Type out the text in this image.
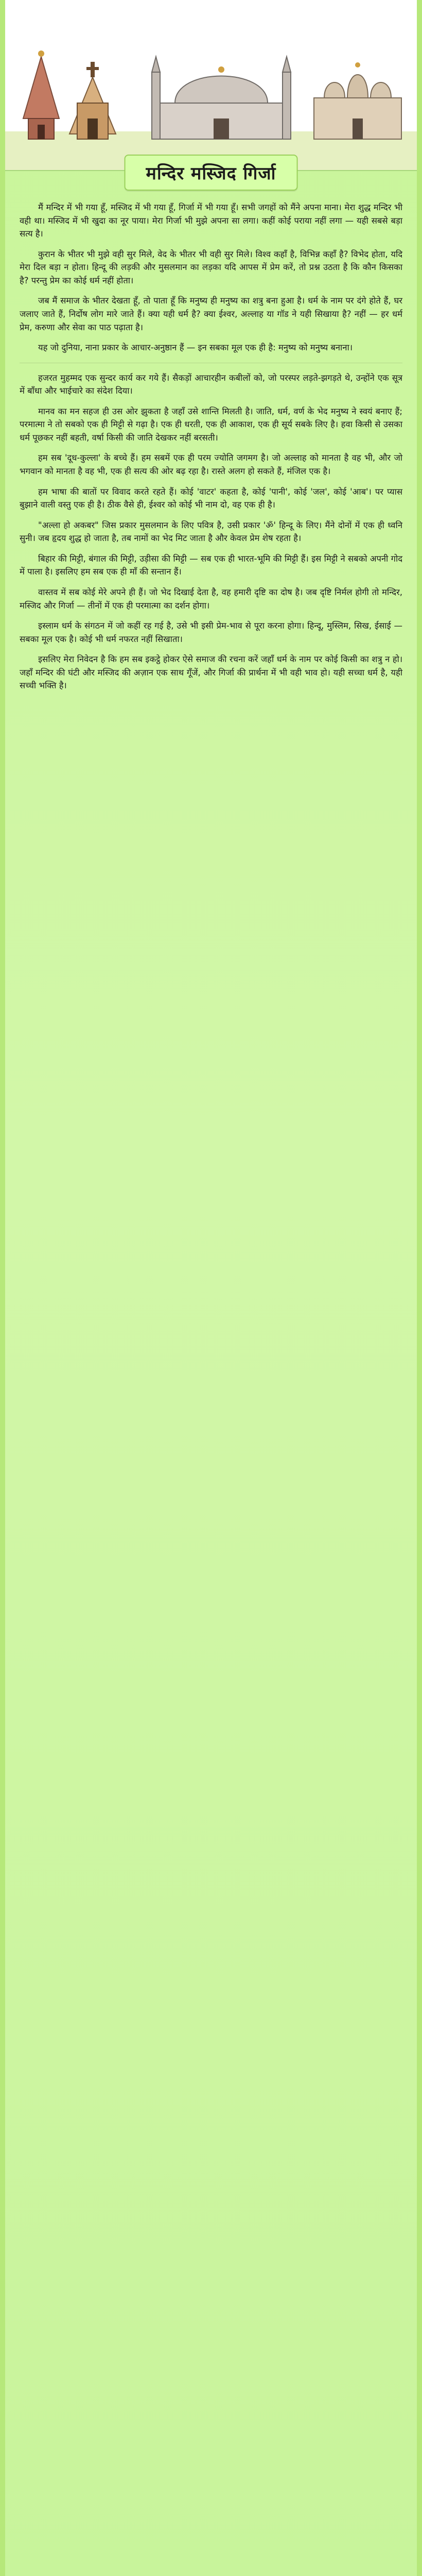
मन्दिर मस्जिद गिर्जा

मैं मन्दिर में भी गया हूँ, मस्जिद में भी गया हूँ, गिर्जा में भी गया हूँ। सभी जगहों को मैंने अपना माना। मेरा शुद्ध मन्दिर भी वही था। मस्जिद में भी खुदा का नूर पाया। मेरा गिर्जा भी मुझे अपना सा लगा। कहीं कोई पराया नहीं लगा — यही सबसे बड़ा सत्य है।

कुरान के भीतर भी मुझे वही सुर मिले, वेद के भीतर भी वही सुर मिले। विश्व कहाँ है, विभिन्न कहाँ है? विभेद होता, यदि मेरा दिल बड़ा न होता। हिन्दू की लड़की और मुसलमान का लड़का यदि आपस में प्रेम करें, तो प्रश्न उठता है कि कौन किसका है? परन्तु प्रेम का कोई धर्म नहीं होता।

जब मैं समाज के भीतर देखता हूँ, तो पाता हूँ कि मनुष्य ही मनुष्य का शत्रु बना हुआ है। धर्म के नाम पर दंगे होते हैं, घर जलाए जाते हैं, निर्दोष लोग मारे जाते हैं। क्या यही धर्म है? क्या ईश्वर, अल्लाह या गॉड ने यही सिखाया है? नहीं — हर धर्म प्रेम, करुणा और सेवा का पाठ पढ़ाता है।

यह जो दुनिया, नाना प्रकार के आचार-अनुष्ठान हैं — इन सबका मूल एक ही है: मनुष्य को मनुष्य बनाना।

हजरत मुहम्मद एक सुन्दर कार्य कर गये हैं। सैकड़ों आचारहीन कबीलों को, जो परस्पर लड़ते-झगड़ते थे, उन्होंने एक सूत्र में बाँधा और भाईचारे का संदेश दिया।

मानव का मन सहज ही उस ओर झुकता है जहाँ उसे शान्ति मिलती है। जाति, धर्म, वर्ण के भेद मनुष्य ने स्वयं बनाए हैं; परमात्मा ने तो सबको एक ही मिट्टी से गढ़ा है। एक ही धरती, एक ही आकाश, एक ही सूर्य सबके लिए है। हवा किसी से उसका धर्म पूछकर नहीं बहती, वर्षा किसी की जाति देखकर नहीं बरसती।

हम सब 'दूध-कुल्ला' के बच्चे हैं। हम सबमें एक ही परम ज्योति जगमग है। जो अल्लाह को मानता है वह भी, और जो भगवान को मानता है वह भी, एक ही सत्य की ओर बढ़ रहा है। रास्ते अलग हो सकते हैं, मंजिल एक है।

हम भाषा की बातों पर विवाद करते रहते हैं। कोई 'वाटर' कहता है, कोई 'पानी', कोई 'जल', कोई 'आब'। पर प्यास बुझाने वाली वस्तु एक ही है। ठीक वैसे ही, ईश्वर को कोई भी नाम दो, वह एक ही है।

"अल्ला हो अकबर" जिस प्रकार मुसलमान के लिए पवित्र है, उसी प्रकार 'ॐ' हिन्दू के लिए। मैंने दोनों में एक ही ध्वनि सुनी। जब हृदय शुद्ध हो जाता है, तब नामों का भेद मिट जाता है और केवल प्रेम शेष रहता है।

बिहार की मिट्टी, बंगाल की मिट्टी, उड़ीसा की मिट्टी — सब एक ही भारत-भूमि की मिट्टी हैं। इस मिट्टी ने सबको अपनी गोद में पाला है। इसलिए हम सब एक ही माँ की सन्तान हैं।

वास्तव में सब कोई मेरे अपने ही हैं। जो भेद दिखाई देता है, वह हमारी दृष्टि का दोष है। जब दृष्टि निर्मल होगी तो मन्दिर, मस्जिद और गिर्जा — तीनों में एक ही परमात्मा का दर्शन होगा।

इस्लाम धर्म के संगठन में जो कहीं रह गई है, उसे भी इसी प्रेम-भाव से पूरा करना होगा। हिन्दू, मुस्लिम, सिख, ईसाई — सबका मूल एक है। कोई भी धर्म नफरत नहीं सिखाता।

इसलिए मेरा निवेदन है कि हम सब इकट्ठे होकर ऐसे समाज की रचना करें जहाँ धर्म के नाम पर कोई किसी का शत्रु न हो। जहाँ मन्दिर की घंटी और मस्जिद की अज़ान एक साथ गूँजें, और गिर्जा की प्रार्थना में भी वही भाव हो। यही सच्चा धर्म है, यही सच्ची भक्ति है।
